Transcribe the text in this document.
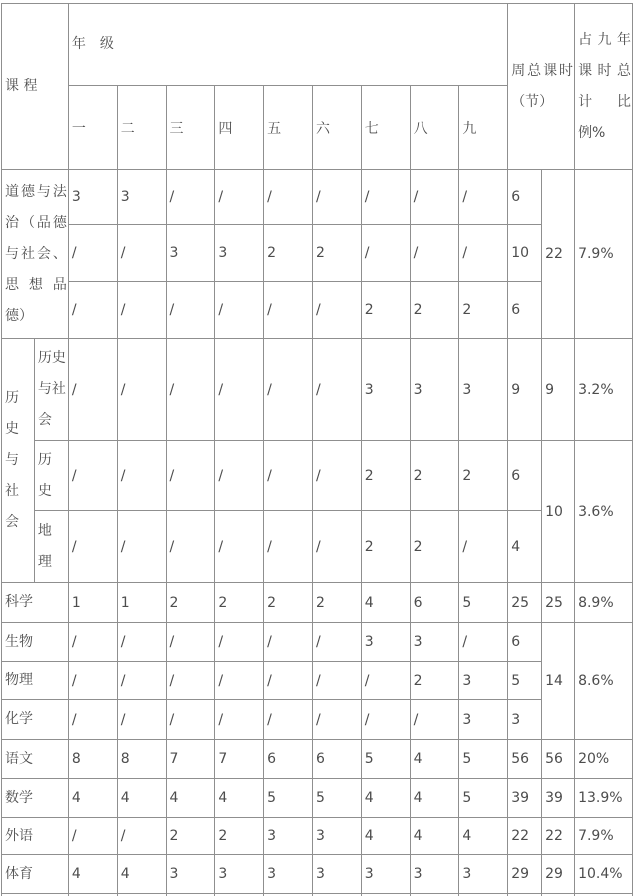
课 程		年　级									周总课时（节）		占九年课时总计比例%
		一	二	三	四	五	六	七	八	九			
道德与法治（品德与社会、思想品德）		3	3	/	/	/	/	/	/	/	6	22	7.9%
		/	/	3	3	2	2	/	/	/	10		
		/	/	/	/	/	/	2	2	2	6		
历史与社会	历史与社会	/	/	/	/	/	/	3	3	3	9	9	3.2%
	历史	/	/	/	/	/	/	2	2	2	6	10	3.6%
	地理	/	/	/	/	/	/	2	2	/	4		
科学		1	1	2	2	2	2	4	6	5	25	25	8.9%
生物		/	/	/	/	/	/	3	3	/	6	14	8.6%
物理		/	/	/	/	/	/	/	2	3	5		
化学		/	/	/	/	/	/	/	/	3	3		
语文		8	8	7	7	6	6	5	4	5	56	56	20%
数学		4	4	4	4	5	5	4	4	5	39	39	13.9%
外语		/	/	2	2	3	3	4	4	4	22	22	7.9%
体育		4	4	3	3	3	3	3	3	3	29	29	10.4%
